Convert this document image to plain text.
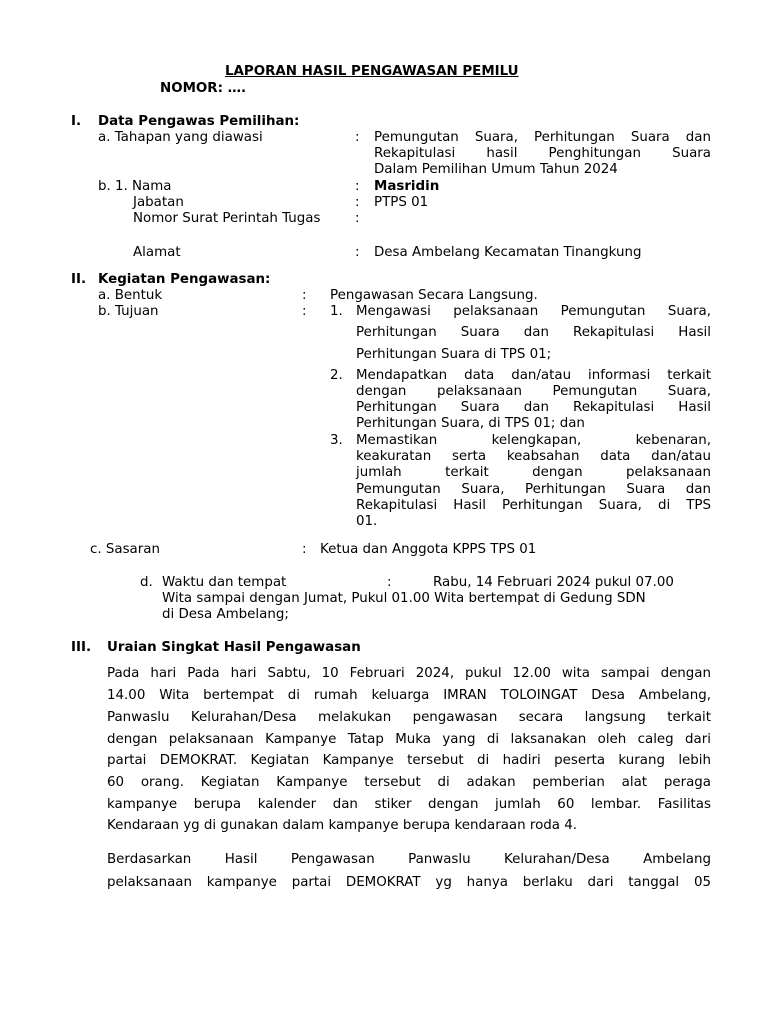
LAPORAN HASIL PENGAWASAN PEMILU
NOMOR: ….
I. Data Pengawas Pemilihan:
a. Tahapan yang diawasi	: Pemungutan Suara, Perhitungan Suara dan
Rekapitulasi hasil Penghitungan Suara
Dalam Pemilihan Umum Tahun 2024
b. 1. Nama	: Masridin
Jabatan	: PTPS 01
Nomor Surat Perintah Tugas	:
Alamat	: Desa Ambelang Kecamatan Tinangkung
II. Kegiatan Pengawasan:
a. Bentuk	: Pengawasan Secara Langsung.
b. Tujuan	: 1. Mengawasi pelaksanaan Pemungutan Suara,
Perhitungan Suara dan Rekapitulasi Hasil
Perhitungan Suara di TPS 01;
2. Mendapatkan data dan/atau informasi terkait
dengan pelaksanaan Pemungutan Suara,
Perhitungan Suara dan Rekapitulasi Hasil
Perhitungan Suara, di TPS 01; dan
3. Memastikan kelengkapan, kebenaran,
keakuratan serta keabsahan data dan/atau
jumlah terkait dengan pelaksanaan
Pemungutan Suara, Perhitungan Suara dan
Rekapitulasi Hasil Perhitungan Suara, di TPS
01.
c. Sasaran	: Ketua dan Anggota KPPS TPS 01
d. Waktu dan tempat	:	Rabu, 14 Februari 2024 pukul 07.00
Wita sampai dengan Jumat, Pukul 01.00 Wita bertempat di Gedung SDN
di Desa Ambelang;
III. Uraian Singkat Hasil Pengawasan
Pada hari Pada hari Sabtu, 10 Februari 2024, pukul 12.00 wita sampai dengan
14.00 Wita bertempat di rumah keluarga IMRAN TOLOINGAT Desa Ambelang,
Panwaslu Kelurahan/Desa melakukan pengawasan secara langsung terkait
dengan pelaksanaan Kampanye Tatap Muka yang di laksanakan oleh caleg dari
partai DEMOKRAT. Kegiatan Kampanye tersebut di hadiri peserta kurang lebih
60 orang. Kegiatan Kampanye tersebut di adakan pemberian alat peraga
kampanye berupa kalender dan stiker dengan jumlah 60 lembar. Fasilitas
Kendaraan yg di gunakan dalam kampanye berupa kendaraan roda 4.
Berdasarkan Hasil Pengawasan Panwaslu Kelurahan/Desa Ambelang
pelaksanaan kampanye partai DEMOKRAT yg hanya berlaku dari tanggal 05
